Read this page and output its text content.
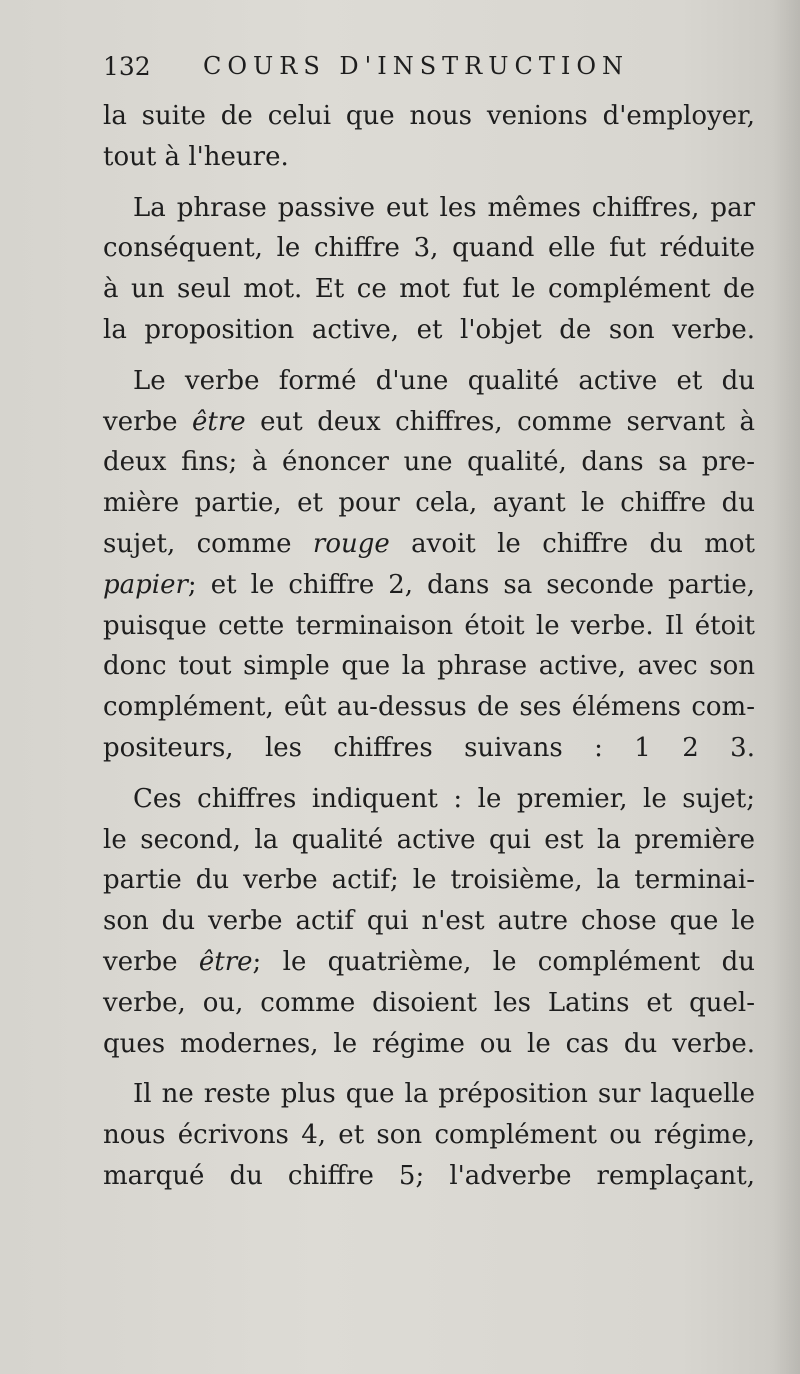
132 COURS D'INSTRUCTION
la suite de celui que nous venions d'employer,
tout à l'heure.
La phrase passive eut les mêmes chiffres, par
conséquent, le chiffre 3, quand elle fut réduite
à un seul mot. Et ce mot fut le complément de
la proposition active, et l'objet de son verbe.
Le verbe formé d'une qualité active et du
verbe être eut deux chiffres, comme servant à
deux fins; à énoncer une qualité, dans sa pre-
mière partie, et pour cela, ayant le chiffre du
sujet, comme rouge avoit le chiffre du mot
papier; et le chiffre 2, dans sa seconde partie,
puisque cette terminaison étoit le verbe. Il étoit
donc tout simple que la phrase active, avec son
complément, eût au-dessus de ses élémens com-
positeurs, les chiffres suivans : 1 2 3.
Ces chiffres indiquent : le premier, le sujet;
le second, la qualité active qui est la première
partie du verbe actif; le troisième, la terminai-
son du verbe actif qui n'est autre chose que le
verbe être; le quatrième, le complément du
verbe, ou, comme disoient les Latins et quel-
ques modernes, le régime ou le cas du verbe.
Il ne reste plus que la préposition sur laquelle
nous écrivons 4, et son complément ou régime,
marqué du chiffre 5; l'adverbe remplaçant,
